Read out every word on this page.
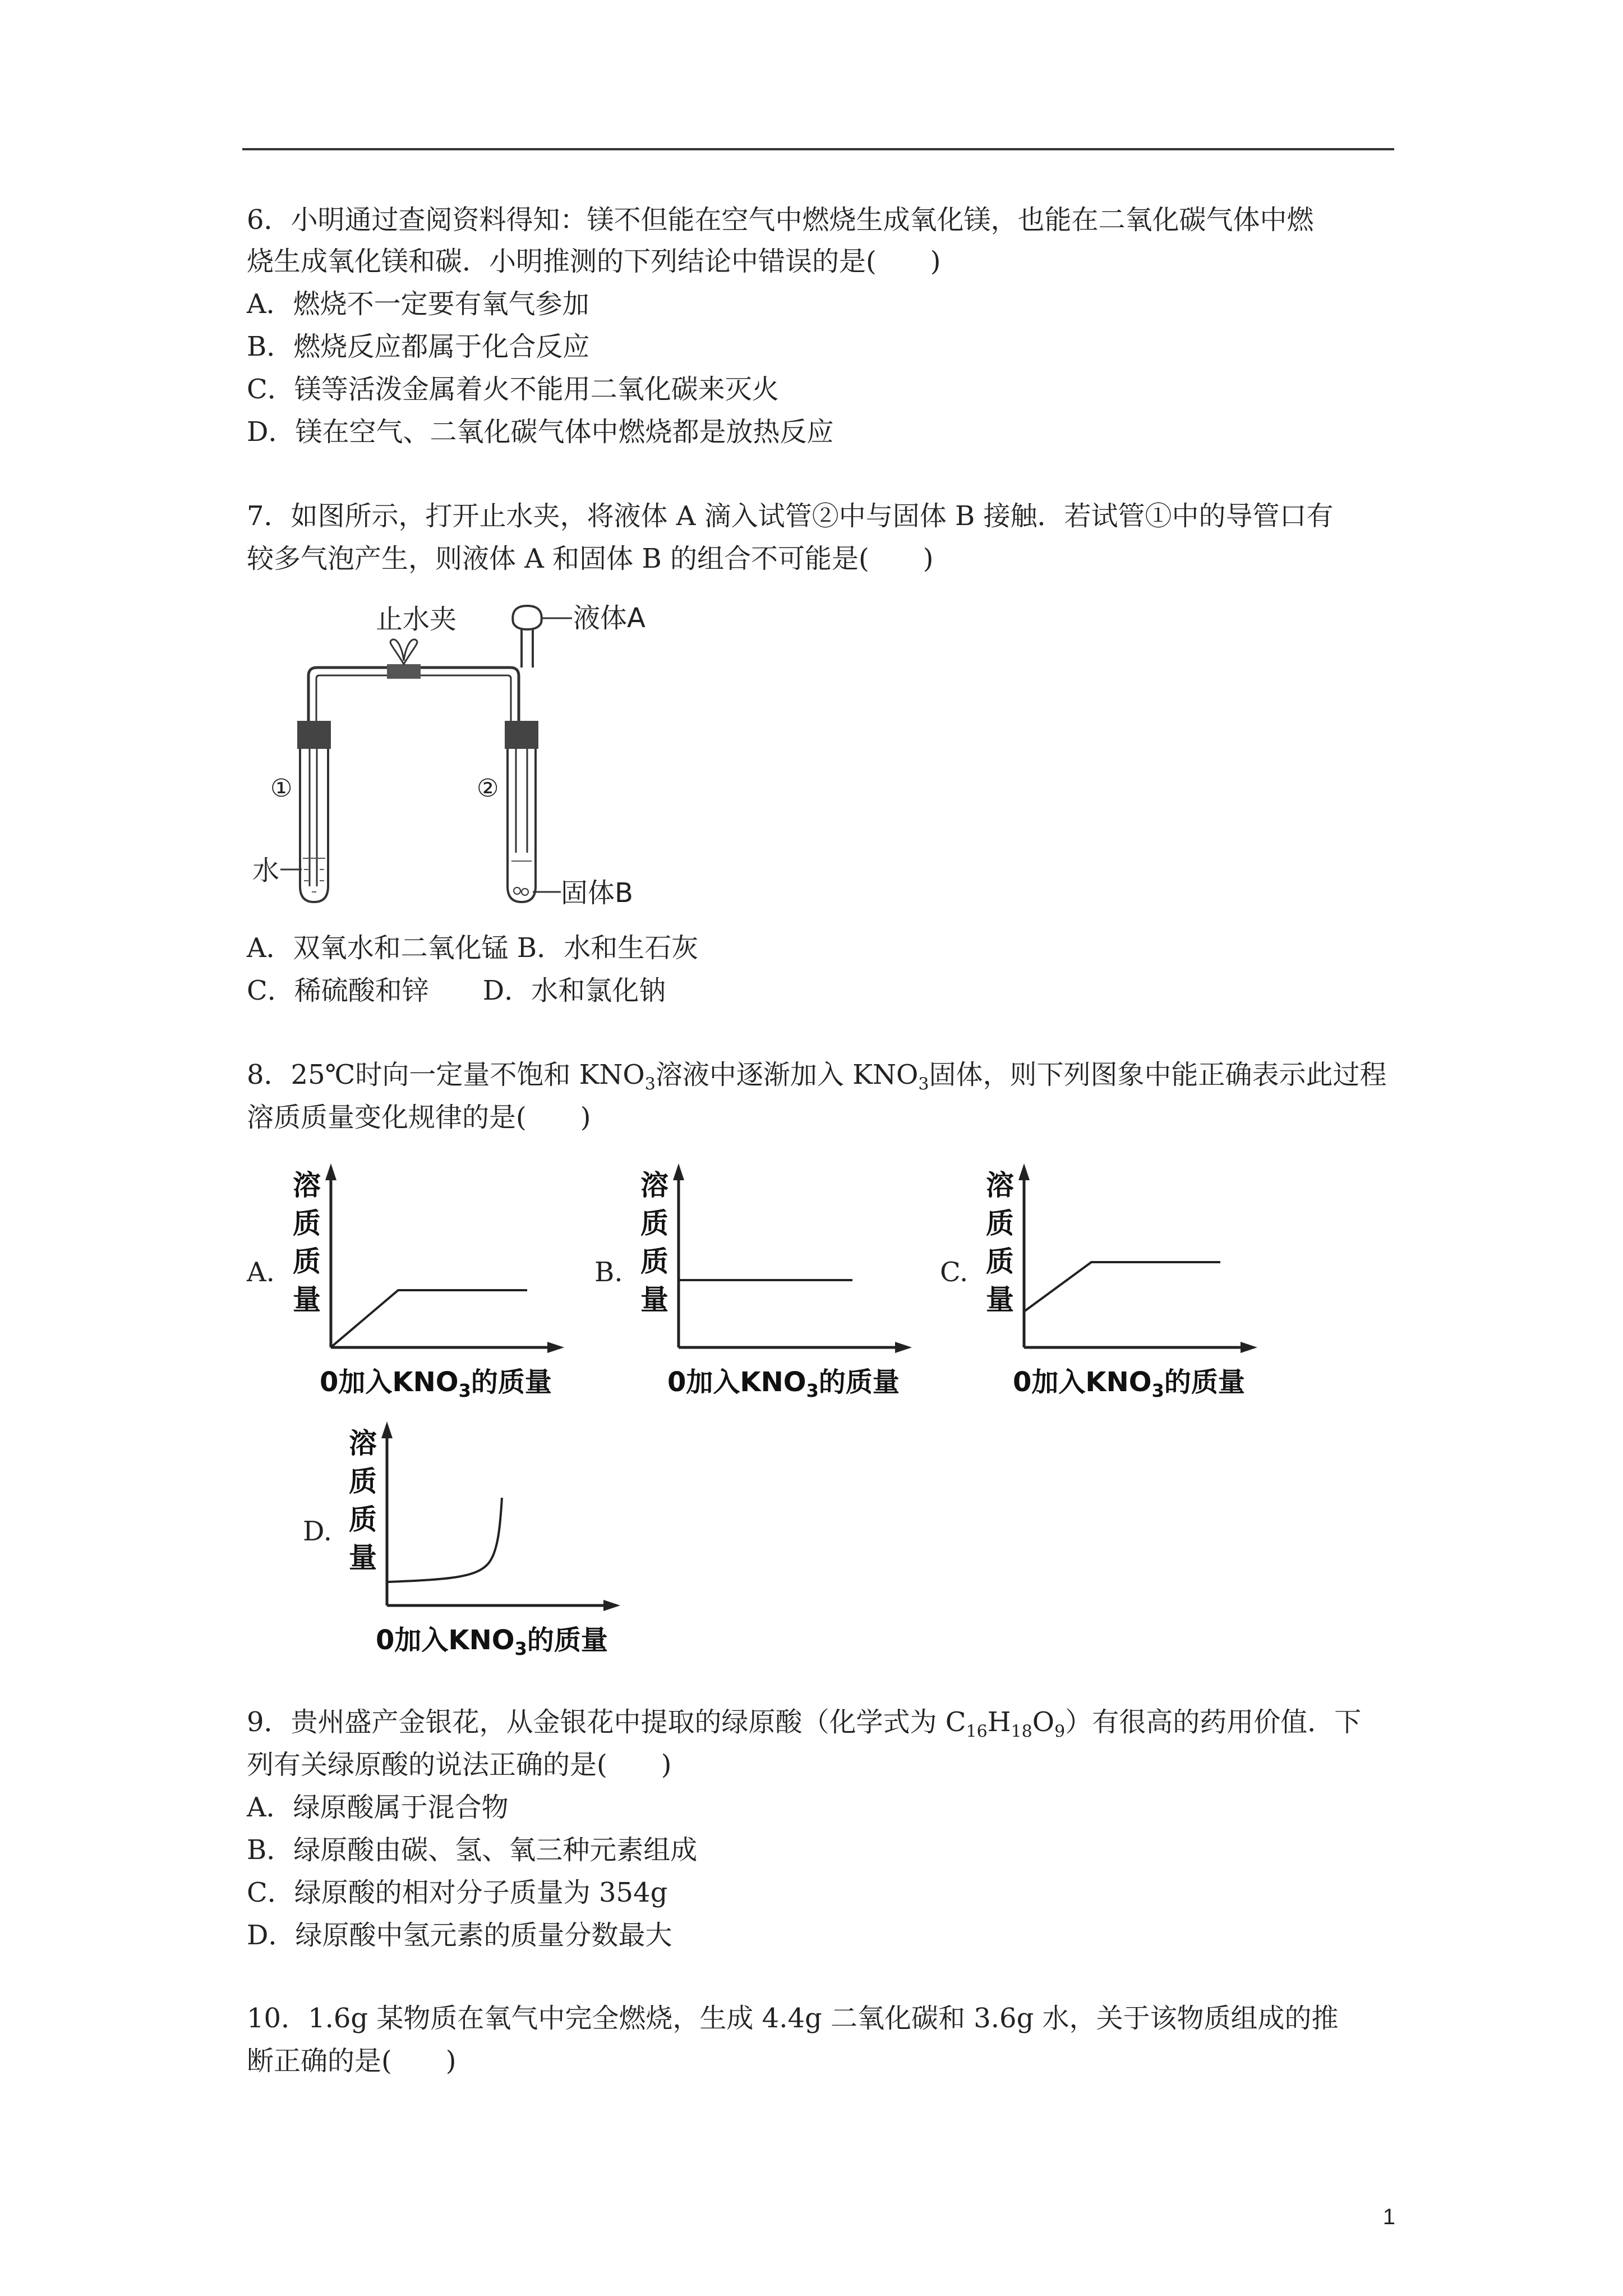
6．小明通过查阅资料得知：镁不但能在空气中燃烧生成氧化镁，也能在二氧化碳气体中燃
烧生成氧化镁和碳．小明推测的下列结论中错误的是(　　)
A．燃烧不一定要有氧气参加
B．燃烧反应都属于化合反应
C．镁等活泼金属着火不能用二氧化碳来灭火
D．镁在空气、二氧化碳气体中燃烧都是放热反应
7．如图所示，打开止水夹，将液体 A 滴入试管②中与固体 B 接触．若试管①中的导管口有
较多气泡产生，则液体 A 和固体 B 的组合不可能是(　　)
止水夹	液体A
①
水
②
固体B
A．双氧水和二氧化锰 B．水和生石灰
C．稀硫酸和锌　　D．水和氯化钠
8．25℃时向一定量不饱和 $KNO_3$溶液中逐渐加入 $KNO_3$固体，则下列图象中能正确表示此过程
溶质质量变化规律的是(　　)
A.
溶
质
质
量
0加入$KNO_3$的质量
B.
溶
质
质
量
0加入$KNO_3$的质量
C.
溶
质
质
量
0加入$KNO_3$的质量
D.
溶
质
质
量
0加入$KNO_3$的质量
9．贵州盛产金银花，从金银花中提取的绿原酸（化学式为 $C_{16}H_{18}O_9$）有很高的药用价值．下
列有关绿原酸的说法正确的是(　　)
A．绿原酸属于混合物
B．绿原酸由碳、氢、氧三种元素组成
C．绿原酸的相对分子质量为 354g
D．绿原酸中氢元素的质量分数最大
10．1.6g 某物质在氧气中完全燃烧，生成 4.4g 二氧化碳和 3.6g 水，关于该物质组成的推
断正确的是(　　)
1
